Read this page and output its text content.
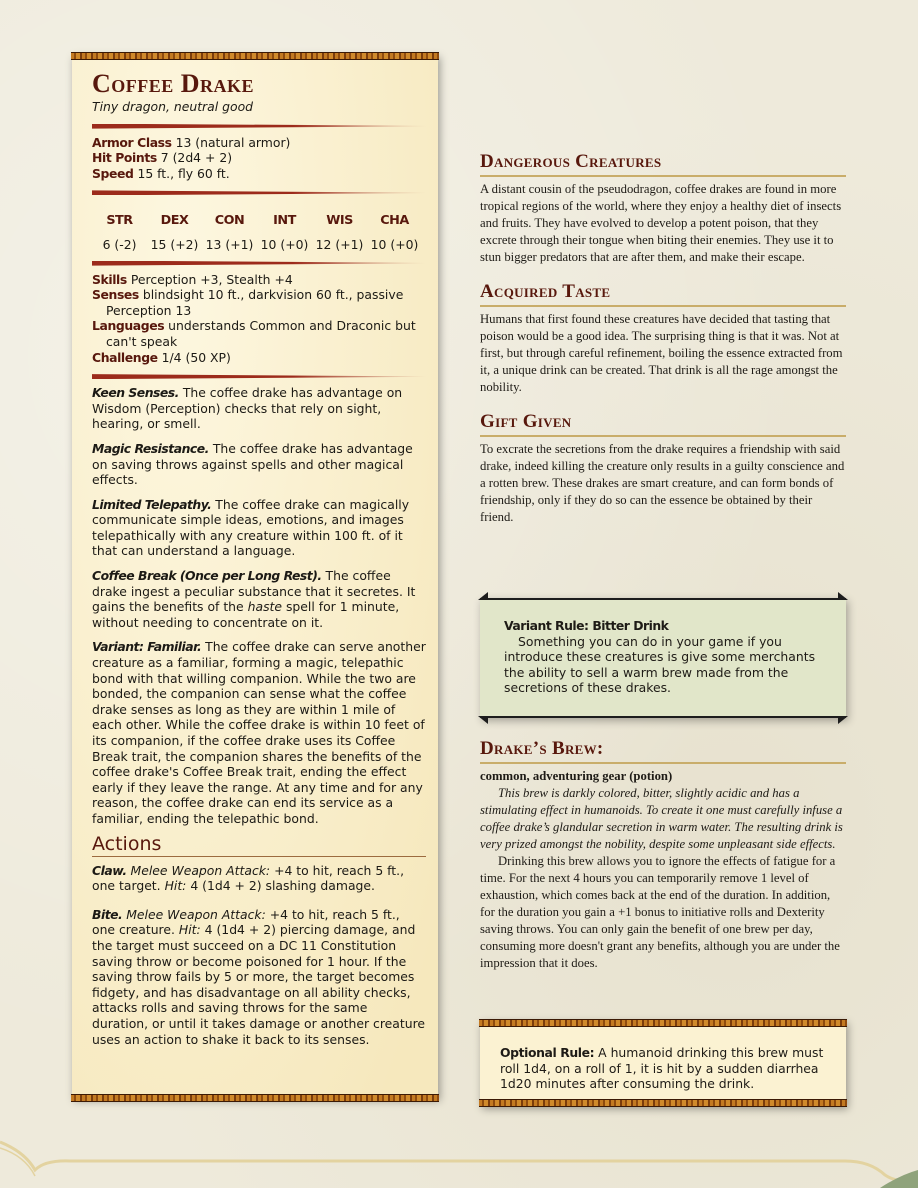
Coffee Drake
Tiny dragon, neutral good
Armor Class 13 (natural armor)
Hit Points 7 (2d4 + 2)
Speed 15 ft., fly 60 ft.
STR
6 (-2)
DEX
15 (+2)
CON
13 (+1)
INT
10 (+0)
WIS
12 (+1)
CHA
10 (+0)
Skills Perception +3, Stealth +4
Senses blindsight 10 ft., darkvision 60 ft., passive Perception 13
Languages understands Common and Draconic but can't speak
Challenge 1/4 (50 XP)

Keen Senses. The coffee drake has advantage on Wisdom (Perception) checks that rely on sight, hearing, or smell.

Magic Resistance. The coffee drake has advantage on saving throws against spells and other magical effects.

Limited Telepathy. The coffee drake can magically communicate simple ideas, emotions, and images telepathically with any creature within 100 ft. of it that can understand a language.

Coffee Break (Once per Long Rest). The coffee drake ingest a peculiar substance that it secretes. It gains the benefits of the haste spell for 1 minute, without needing to concentrate on it.

Variant: Familiar. The coffee drake can serve another creature as a familiar, forming a magic, telepathic bond with that willing companion. While the two are bonded, the companion can sense what the coffee drake senses as long as they are within 1 mile of each other. While the coffee drake is within 10 feet of its companion, if the coffee drake uses its Coffee Break trait, the companion shares the benefits of the coffee drake's Coffee Break trait, ending the effect early if they leave the range. At any time and for any reason, the coffee drake can end its service as a familiar, ending the telepathic bond.

Actions

Claw. Melee Weapon Attack: +4 to hit, reach 5 ft., one target. Hit: 4 (1d4 + 2) slashing damage.

Bite. Melee Weapon Attack: +4 to hit, reach 5 ft., one creature. Hit: 4 (1d4 + 2) piercing damage, and the target must succeed on a DC 11 Constitution saving throw or become poisoned for 1 hour. If the saving throw fails by 5 or more, the target becomes fidgety, and has disadvantage on all ability checks, attacks rolls and saving throws for the same duration, or until it takes damage or another creature uses an action to shake it back to its senses.

Dangerous Creatures

A distant cousin of the pseudodragon, coffee drakes are found in more tropical regions of the world, where they enjoy a healthy diet of insects and fruits. They have evolved to develop a potent poison, that they excrete through their tongue when biting their enemies. They use it to stun bigger predators that are after them, and make their escape.

Acquired Taste

Humans that first found these creatures have decided that tasting that poison would be a good idea. The surprising thing is that it was. Not at first, but through careful refinement, boiling the essence extracted from it, a unique drink can be created. That drink is all the rage amongst the nobility.

Gift Given

To excrate the secretions from the drake requires a friendship with said drake, indeed killing the creature only results in a guilty conscience and a rotten brew. These drakes are smart creature, and can form bonds of friendship, only if they do so can the essence be obtained by their friend.

Variant Rule: Bitter Drink
Something you can do in your game if you introduce these creatures is give some merchants the ability to sell a warm brew made from the secretions of these drakes.
Drake’s Brew:
common, adventuring gear (potion)

This brew is darkly colored, bitter, slightly acidic and has a stimulating effect in humanoids. To create it one must carefully infuse a coffee drake’s glandular secretion in warm water. The resulting drink is very prized amongst the nobility, despite some unpleasant side effects.

Drinking this brew allows you to ignore the effects of fatigue for a time. For the next 4 hours you can temporarily remove 1 level of exhaustion, which comes back at the end of the duration. In addition, for the duration you gain a +1 bonus to initiative rolls and Dexterity saving throws. You can only gain the benefit of one brew per day, consuming more doesn't grant any benefits, although you are under the impression that it does.

Optional Rule: A humanoid drinking this brew must roll 1d4, on a roll of 1, it is hit by a sudden diarrhea 1d20 minutes after consuming the drink.
